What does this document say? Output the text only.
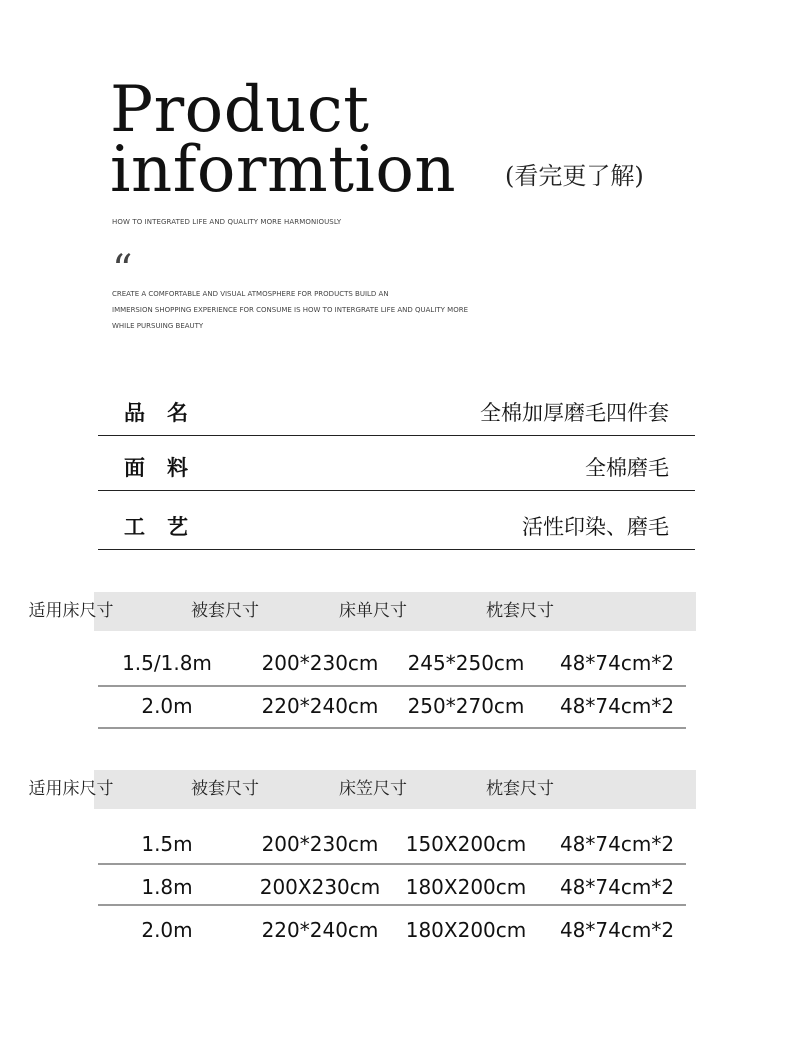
Product
informtion (看完更了解)
HOW TO INTEGRATED LIFE AND QUALITY MORE HARMONIOUSLY
“
CREATE A COMFORTABLE AND VISUAL ATMOSPHERE FOR PRODUCTS BUILD AN
IMMERSION SHOPPING EXPERIENCE FOR CONSUME IS HOW TO INTERGRATE LIFE AND QUALITY MORE
WHILE PURSUING BEAUTY
品名	全棉加厚磨毛四件套
面料	全棉磨毛
工艺	活性印染、磨毛
适用床尺寸	被套尺寸	床单尺寸	枕套尺寸
1.5/1.8m	200*230cm	245*250cm	48*74cm*2
2.0m	220*240cm	250*270cm	48*74cm*2
适用床尺寸	被套尺寸	床笠尺寸	枕套尺寸
1.5m	200*230cm	150X200cm	48*74cm*2
1.8m	200X230cm	180X200cm	48*74cm*2
2.0m	220*240cm	180X200cm	48*74cm*2
